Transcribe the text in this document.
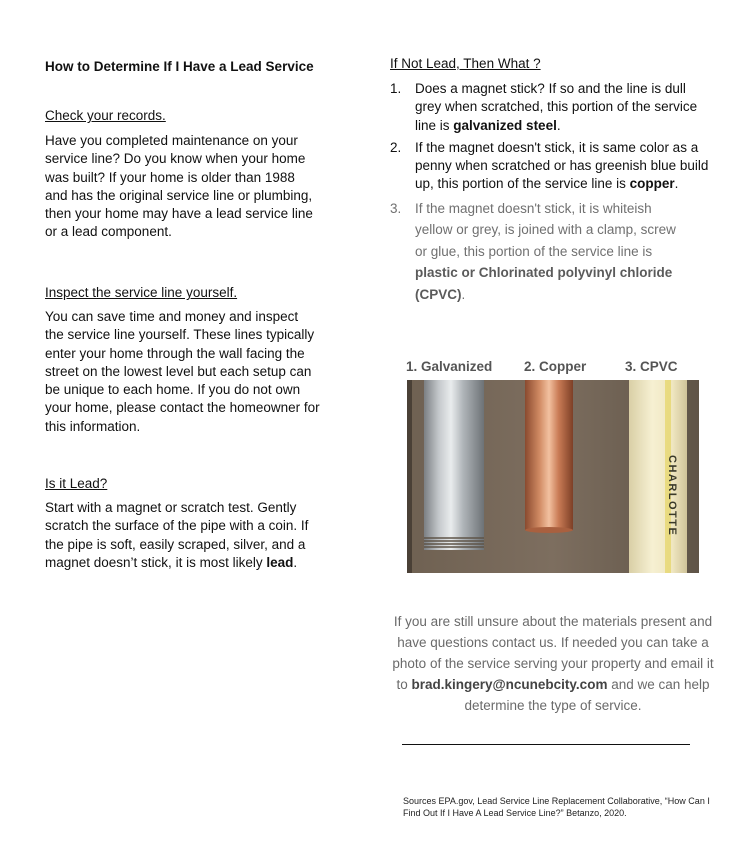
How to Determine If I Have a Lead Service
Check your records.
Have you completed maintenance on your service line? Do you know when your home was built? If your home is older than 1988 and has the original service line or plumbing, then your home may have a lead service line or a lead component.
Inspect the service line yourself.
You can save time and money and inspect the service line yourself. These lines typically enter your home through the wall facing the street on the lowest level but each setup can be unique to each home. If you do not own your home, please contact the homeowner for this information.
Is it Lead?
Start with a magnet or scratch test. Gently scratch the surface of the pipe with a coin. If the pipe is soft, easily scraped, silver, and a magnet doesn’t stick, it is most likely lead.
If Not Lead, Then What ?
1. Does a magnet stick? If so and the line is dull grey when scratched, this portion of the service line is galvanized steel.
2. If the magnet doesn't stick, it is same color as a penny when scratched or has greenish blue build up, this portion of the service line is copper.
3. If the magnet doesn't stick, it is whiteish yellow or grey, is joined with a clamp, screw or glue, this portion of the service line is plastic or Chlorinated polyvinyl chloride (CPVC).
1. Galvanized 2. Copper	3. CPVC
CHARLOTTE
If you are still unsure about the materials present and have questions contact us. If needed you can take a photo of the service serving your property and email it to brad.kingery@ncunebcity.com and we can help determine the type of service.
Sources EPA.gov, Lead Service Line Replacement Collaborative, “How Can I Find Out If I Have A Lead Service Line?” Betanzo, 2020.
